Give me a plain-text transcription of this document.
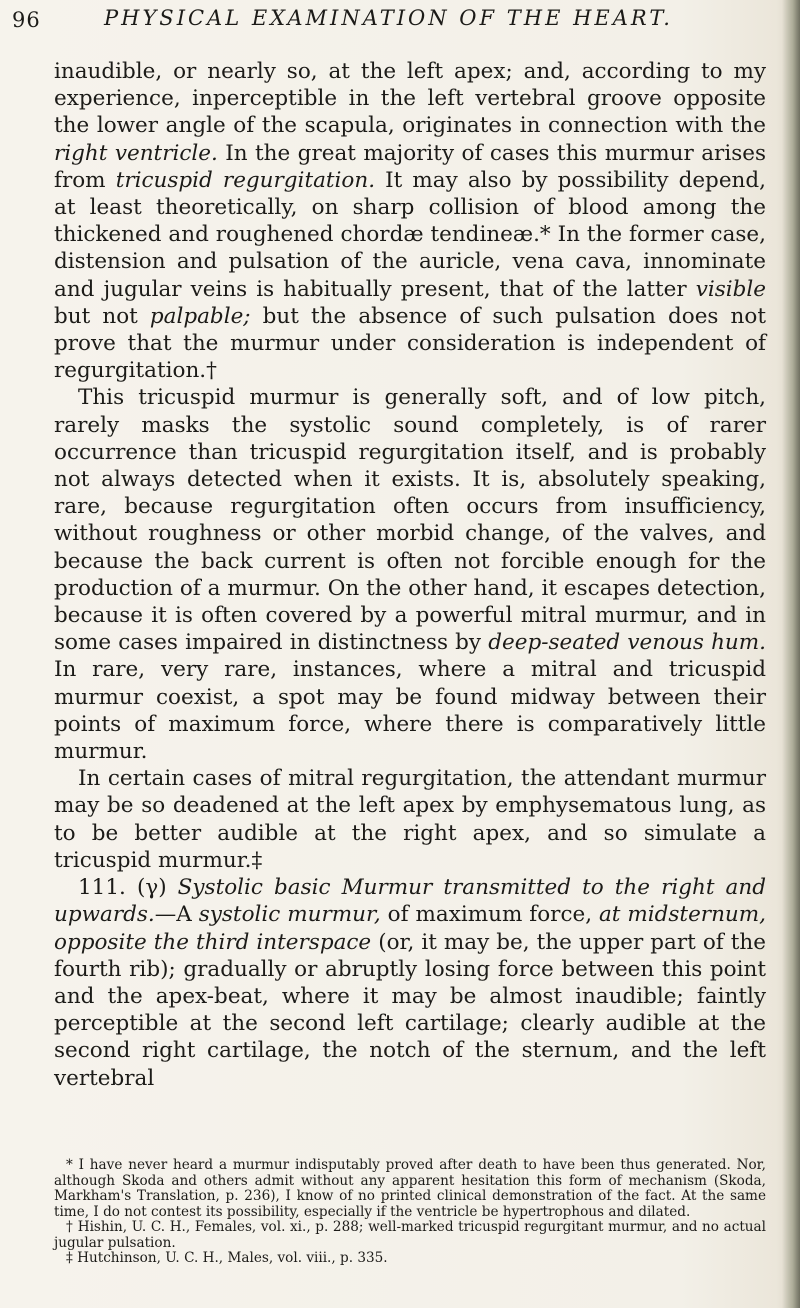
96	PHYSICAL EXAMINATION OF THE HEART.

inaudible, or nearly so, at the left apex; and, according to my experience, inperceptible in the left vertebral groove opposite the lower angle of the scapula, originates in connection with the right ventricle. In the great majority of cases this murmur arises from tricuspid regurgitation. It may also by possibility depend, at least theoretically, on sharp collision of blood among the thickened and roughened chordæ tendineæ.* In the former case, distension and pulsation of the auricle, vena cava, innominate and jugular veins is habitually present, that of the latter visible but not palpable; but the absence of such pulsation does not prove that the murmur under consideration is independent of regurgitation.†

This tricuspid murmur is generally soft, and of low pitch, rarely masks the systolic sound completely, is of rarer occurrence than tricuspid regurgitation itself, and is probably not always detected when it exists. It is, absolutely speaking, rare, because regurgitation often occurs from insufficiency, without roughness or other morbid change, of the valves, and because the back current is often not forcible enough for the production of a murmur. On the other hand, it escapes detection, because it is often covered by a powerful mitral murmur, and in some cases impaired in distinctness by deep-seated venous hum. In rare, very rare, instances, where a mitral and tricuspid murmur coexist, a spot may be found midway between their points of maximum force, where there is comparatively little murmur.

In certain cases of mitral regurgitation, the attendant murmur may be so deadened at the left apex by emphysematous lung, as to be better audible at the right apex, and so simulate a tricuspid murmur.‡

111. (γ) Systolic basic Murmur transmitted to the right and upwards.—A systolic murmur, of maximum force, at midsternum, opposite the third interspace (or, it may be, the upper part of the fourth rib); gradually or abruptly losing force between this point and the apex-beat, where it may be almost inaudible; faintly perceptible at the second left cartilage; clearly audible at the second right cartilage, the notch of the sternum, and the left vertebral

* I have never heard a murmur indisputably proved after death to have been thus generated. Nor, although Skoda and others admit without any apparent hesitation this form of mechanism (Skoda, Markham's Translation, p. 236), I know of no printed clinical demonstration of the fact. At the same time, I do not contest its possibility, especially if the ventricle be hypertrophous and dilated.

† Hishin, U. C. H., Females, vol. xi., p. 288; well-marked tricuspid regurgitant murmur, and no actual jugular pulsation.

‡ Hutchinson, U. C. H., Males, vol. viii., p. 335.
